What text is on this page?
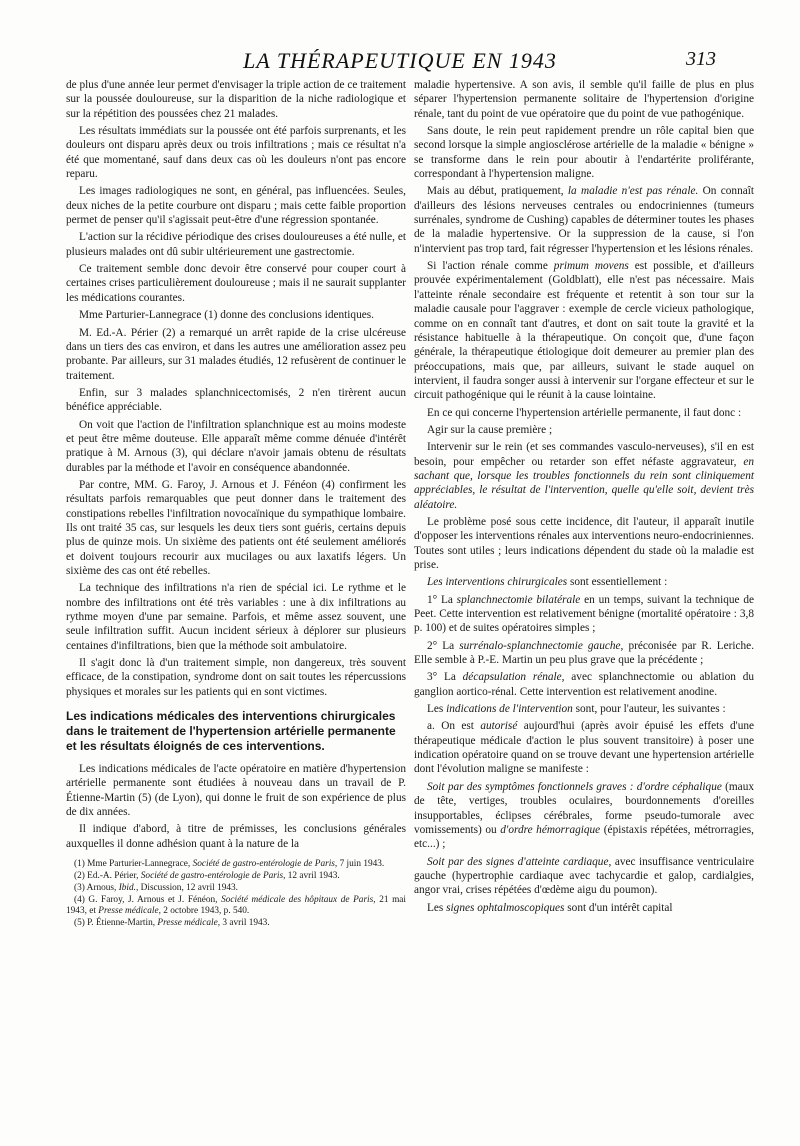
LA THÉRAPEUTIQUE EN 1943	313

de plus d'une année leur permet d'envisager la triple action de ce traitement sur la poussée douloureuse, sur la disparition de la niche radiologique et sur la répétition des poussées chez 21 malades.

Les résultats immédiats sur la poussée ont été parfois surprenants, et les douleurs ont disparu après deux ou trois infiltrations ; mais ce résultat n'a été que momentané, sauf dans deux cas où les douleurs n'ont pas encore reparu.

Les images radiologiques ne sont, en général, pas influencées. Seules, deux niches de la petite courbure ont disparu ; mais cette faible proportion permet de penser qu'il s'agissait peut-être d'une régression spontanée.

L'action sur la récidive périodique des crises douloureuses a été nulle, et plusieurs malades ont dû subir ultérieurement une gastrectomie.

Ce traitement semble donc devoir être conservé pour couper court à certaines crises particulièrement douloureuse ; mais il ne saurait supplanter les médications courantes.

Mme Parturier-Lannegrace (1) donne des conclusions identiques.

M. Ed.-A. Périer (2) a remarqué un arrêt rapide de la crise ulcéreuse dans un tiers des cas environ, et dans les autres une amélioration assez peu probante. Par ailleurs, sur 31 malades étudiés, 12 refusèrent de continuer le traitement.

Enfin, sur 3 malades splanchnicectomisés, 2 n'en tirèrent aucun bénéfice appréciable.

On voit que l'action de l'infiltration splanchnique est au moins modeste et peut être même douteuse. Elle apparaît même comme dénuée d'intérêt pratique à M. Arnous (3), qui déclare n'avoir jamais obtenu de résultats durables par la méthode et l'avoir en conséquence abandonnée.

Par contre, MM. G. Faroy, J. Arnous et J. Fénéon (4) confirment les résultats parfois remarquables que peut donner dans le traitement des constipations rebelles l'infiltration novocaïnique du sympathique lombaire. Ils ont traité 35 cas, sur lesquels les deux tiers sont guéris, certains depuis plus de quinze mois. Un sixième des patients ont été seulement améliorés et doivent toujours recourir aux mucilages ou aux laxatifs légers. Un sixième des cas ont été rebelles.

La technique des infiltrations n'a rien de spécial ici. Le rythme et le nombre des infiltrations ont été très variables : une à dix infiltrations au rythme moyen d'une par semaine. Parfois, et même assez souvent, une seule infiltration suffit. Aucun incident sérieux à déplorer sur plusieurs centaines d'infiltrations, bien que la méthode soit ambulatoire.

Il s'agit donc là d'un traitement simple, non dangereux, très souvent efficace, de la constipation, syndrome dont on sait toutes les répercussions physiques et morales sur les patients qui en sont victimes.

Les indications médicales des interventions chirurgicales dans le traitement de l'hypertension artérielle permanente et les résultats éloignés de ces interventions.

Les indications médicales de l'acte opératoire en matière d'hypertension artérielle permanente sont étudiées à nouveau dans un travail de P. Étienne-Martin (5) (de Lyon), qui donne le fruit de son expérience de plus de dix années.

Il indique d'abord, à titre de prémisses, les conclusions générales auxquelles il donne adhésion quant à la nature de la

(1) Mme Parturier-Lannegrace, Société de gastro-entérologie de Paris, 7 juin 1943.

(2) Ed.-A. Périer, Société de gastro-entérologie de Paris, 12 avril 1943.

(3) Arnous, Ibid., Discussion, 12 avril 1943.

(4) G. Faroy, J. Arnous et J. Fénéon, Société médicale des hôpitaux de Paris, 21 mai 1943, et Presse médicale, 2 octobre 1943, p. 540.

(5) P. Étienne-Martin, Presse médicale, 3 avril 1943.

maladie hypertensive. A son avis, il semble qu'il faille de plus en plus séparer l'hypertension permanente solitaire de l'hypertension d'origine rénale, tant du point de vue opératoire que du point de vue pathogénique.

Sans doute, le rein peut rapidement prendre un rôle capital bien que second lorsque la simple angiosclérose artérielle de la maladie « bénigne » se transforme dans le rein pour aboutir à l'endartérite proliférante, correspondant à l'hypertension maligne.

Mais au début, pratiquement, la maladie n'est pas rénale. On connaît d'ailleurs des lésions nerveuses centrales ou endocriniennes (tumeurs surrénales, syndrome de Cushing) capables de déterminer toutes les phases de la maladie hypertensive. Or la suppression de la cause, si l'on n'intervient pas trop tard, fait régresser l'hypertension et les lésions rénales.

Si l'action rénale comme primum movens est possible, et d'ailleurs prouvée expérimentalement (Goldblatt), elle n'est pas nécessaire. Mais l'atteinte rénale secondaire est fréquente et retentit à son tour sur la maladie causale pour l'aggraver : exemple de cercle vicieux pathologique, comme on en connaît tant d'autres, et dont on sait toute la gravité et la résistance habituelle à la thérapeutique. On conçoit que, d'une façon générale, la thérapeutique étiologique doit demeurer au premier plan des préoccupations, mais que, par ailleurs, suivant le stade auquel on intervient, il faudra songer aussi à intervenir sur l'organe effecteur et sur le circuit pathogénique qui le réunit à la cause lointaine.

En ce qui concerne l'hypertension artérielle permanente, il faut donc :

Agir sur la cause première ;

Intervenir sur le rein (et ses commandes vasculo-nerveuses), s'il en est besoin, pour empêcher ou retarder son effet néfaste aggravateur, en sachant que, lorsque les troubles fonctionnels du rein sont cliniquement appréciables, le résultat de l'intervention, quelle qu'elle soit, devient très aléatoire.

Le problème posé sous cette incidence, dit l'auteur, il apparaît inutile d'opposer les interventions rénales aux interventions neuro-endocriniennes. Toutes sont utiles ; leurs indications dépendent du stade où la maladie est prise.

Les interventions chirurgicales sont essentiellement :

1° La splanchnectomie bilatérale en un temps, suivant la technique de Peet. Cette intervention est relativement bénigne (mortalité opératoire : 3,8 p. 100) et de suites opératoires simples ;

2° La surrénalo-splanchnectomie gauche, préconisée par R. Leriche. Elle semble à P.-E. Martin un peu plus grave que la précédente ;

3° La décapsulation rénale, avec splanchnectomie ou ablation du ganglion aortico-rénal. Cette intervention est relativement anodine.

Les indications de l'intervention sont, pour l'auteur, les suivantes :

a. On est autorisé aujourd'hui (après avoir épuisé les effets d'une thérapeutique médicale d'action le plus souvent transitoire) à poser une indication opératoire quand on se trouve devant une hypertension artérielle dont l'évolution maligne se manifeste :

Soit par des symptômes fonctionnels graves : d'ordre céphalique (maux de tête, vertiges, troubles oculaires, bourdonnements d'oreilles insupportables, éclipses cérébrales, forme pseudo-tumorale avec vomissements) ou d'ordre hémorragique (épistaxis répétées, métrorragies, etc...) ;

Soit par des signes d'atteinte cardiaque, avec insuffisance ventriculaire gauche (hypertrophie cardiaque avec tachycardie et galop, cardialgies, angor vrai, crises répétées d'œdème aigu du poumon).

Les signes ophtalmoscopiques sont d'un intérêt capital
